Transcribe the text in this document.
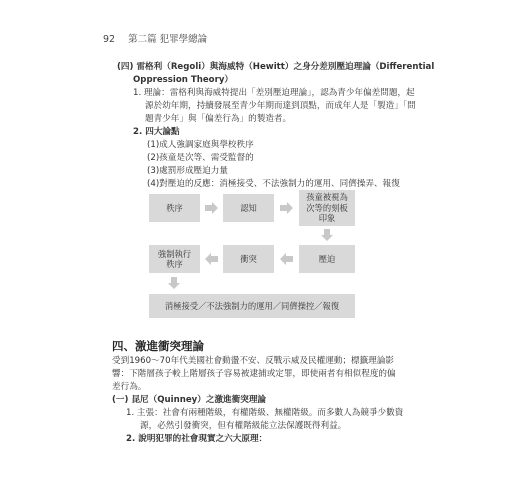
92 第二篇 犯罪學總論
(四) 雷格利（Regoli）與海威特（Hewitt）之身分差別壓迫理論（Differential
Oppression Theory）
1. 理論：雷格利與海威特提出「差別壓迫理論」，認為青少年偏差問題，起
源於幼年期，持續發展至青少年期而達到頂點，而成年人是「製造」「問
題青少年」與「偏差行為」的製造者。
2. 四大論點
(1)成人強調家庭與學校秩序
(2)孩童是次等、需受監督的
(3)處罰形成壓迫力量
(4)對壓迫的反應：消極接受、不法強制力的運用、同儕操弄、報復
秩序	認知
孩童被視為
次等的刻板
印象
壓迫
衝突
強制執行
秩序
消極接受／不法強制力的運用／同儕操控／報復
四、激進衝突理論
受到1960～70年代美國社會動盪不安、反戰示威及民權運動；標籤理論影
響：下階層孩子較上階層孩子容易被逮捕或定罪，即使兩者有相似程度的偏
差行為。
(一) 昆尼（Quinney）之激進衝突理論
1. 主張：社會有兩種階級，有權階級、無權階級。而多數人為競爭少數資
源，必然引發衝突，但有權階級能立法保護既得利益。
2. 說明犯罪的社會現實之六大原理：
